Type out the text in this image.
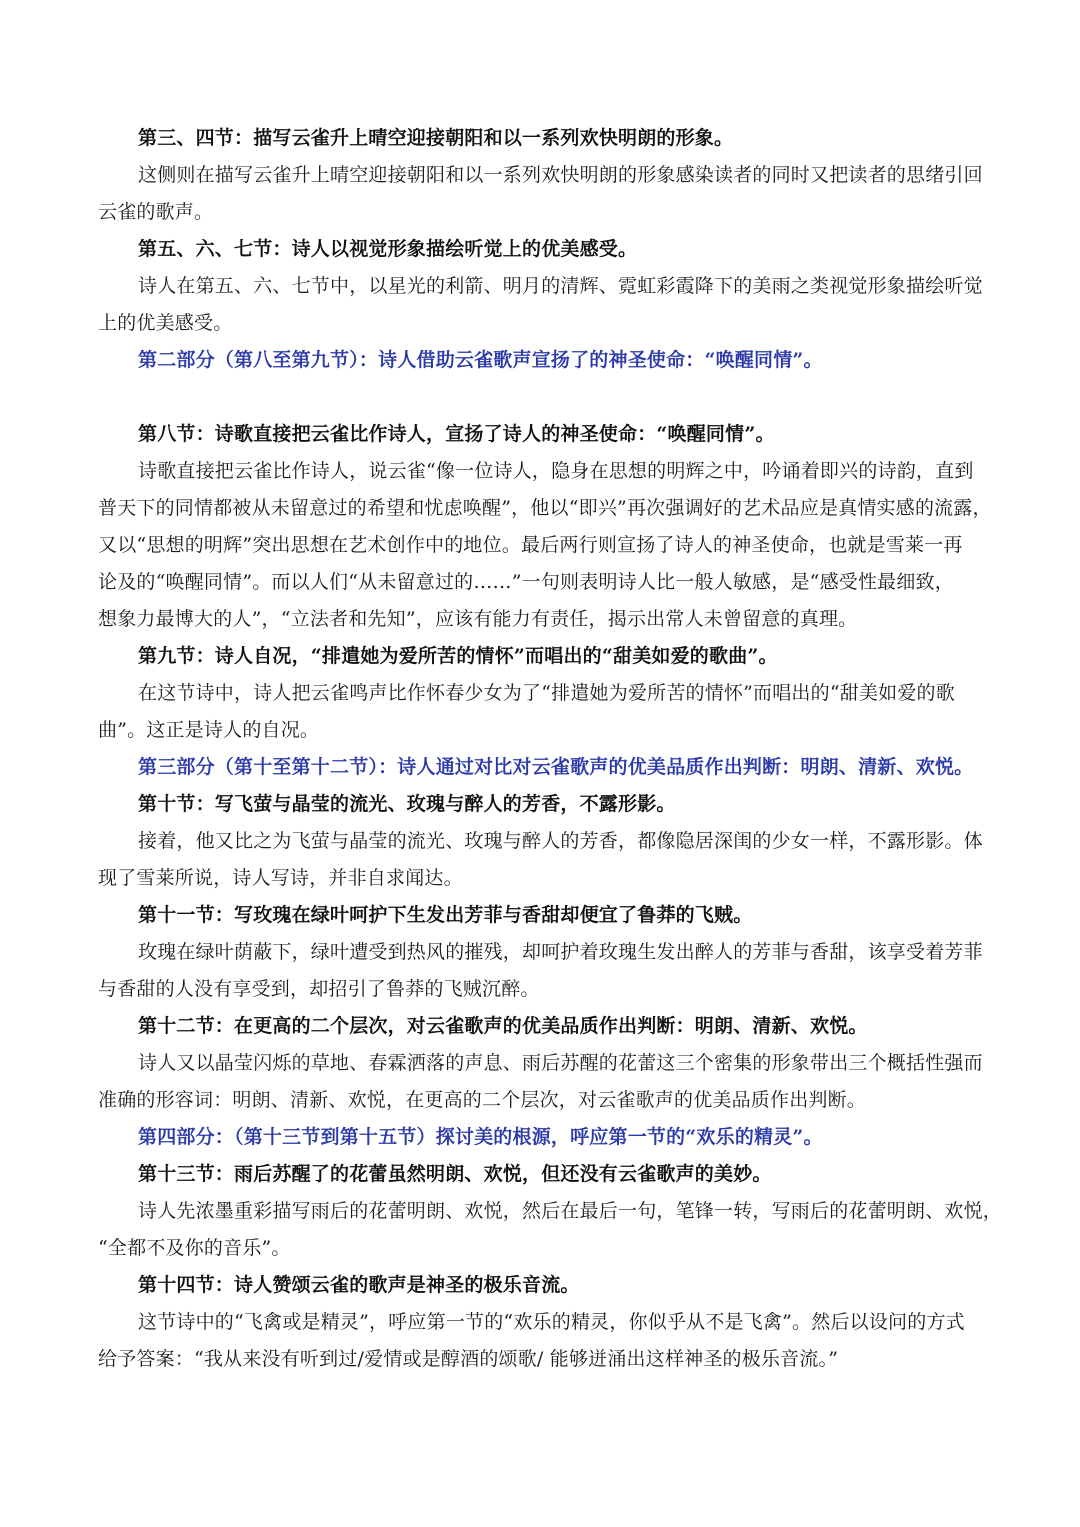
第三、四节：描写云雀升上晴空迎接朝阳和以一系列欢快明朗的形象。
这侧则在描写云雀升上晴空迎接朝阳和以一系列欢快明朗的形象感染读者的同时又把读者的思绪引回
云雀的歌声。
第五、六、七节：诗人以视觉形象描绘听觉上的优美感受。
诗人在第五、六、七节中，以星光的利箭、明月的清辉、霓虹彩霞降下的美雨之类视觉形象描绘听觉
上的优美感受。
第二部分（第八至第九节）：诗人借助云雀歌声宣扬了的神圣使命：“唤醒同情”。
第八节：诗歌直接把云雀比作诗人，宣扬了诗人的神圣使命：“唤醒同情”。
诗歌直接把云雀比作诗人，说云雀“像一位诗人，隐身在思想的明辉之中，吟诵着即兴的诗韵，直到
普天下的同情都被从未留意过的希望和忧虑唤醒”，他以“即兴”再次强调好的艺术品应是真情实感的流露，
又以“思想的明辉”突出思想在艺术创作中的地位。最后两行则宣扬了诗人的神圣使命，也就是雪莱一再
论及的“唤醒同情”。而以人们“从未留意过的……”一句则表明诗人比一般人敏感，是“感受性最细致，
想象力最博大的人”，“立法者和先知”，应该有能力有责任，揭示出常人未曾留意的真理。
第九节：诗人自况，“排遣她为爱所苦的情怀”而唱出的“甜美如爱的歌曲”。
在这节诗中，诗人把云雀鸣声比作怀春少女为了“排遣她为爱所苦的情怀”而唱出的“甜美如爱的歌
曲”。这正是诗人的自况。
第三部分（第十至第十二节）：诗人通过对比对云雀歌声的优美品质作出判断：明朗、清新、欢悦。
第十节：写飞萤与晶莹的流光、玫瑰与醉人的芳香，不露形影。
接着，他又比之为飞萤与晶莹的流光、玫瑰与醉人的芳香，都像隐居深闺的少女一样，不露形影。体
现了雪莱所说，诗人写诗，并非自求闻达。
第十一节：写玫瑰在绿叶呵护下生发出芳菲与香甜却便宜了鲁莽的飞贼。
玫瑰在绿叶荫蔽下，绿叶遭受到热风的摧残，却呵护着玫瑰生发出醉人的芳菲与香甜，该享受着芳菲
与香甜的人没有享受到，却招引了鲁莽的飞贼沉醉。
第十二节：在更高的二个层次，对云雀歌声的优美品质作出判断：明朗、清新、欢悦。
诗人又以晶莹闪烁的草地、春霖洒落的声息、雨后苏醒的花蕾这三个密集的形象带出三个概括性强而
准确的形容词：明朗、清新、欢悦，在更高的二个层次，对云雀歌声的优美品质作出判断。
第四部分：（第十三节到第十五节）探讨美的根源，呼应第一节的“欢乐的精灵”。
第十三节：雨后苏醒了的花蕾虽然明朗、欢悦，但还没有云雀歌声的美妙。
诗人先浓墨重彩描写雨后的花蕾明朗、欢悦，然后在最后一句，笔锋一转，写雨后的花蕾明朗、欢悦，
“全都不及你的音乐”。
第十四节：诗人赞颂云雀的歌声是神圣的极乐音流。
这节诗中的“飞禽或是精灵”，呼应第一节的“欢乐的精灵，你似乎从不是飞禽”。然后以设问的方式
给予答案：“我从来没有听到过/爱情或是醇酒的颂歌/ 能够迸涌出这样神圣的极乐音流。”
